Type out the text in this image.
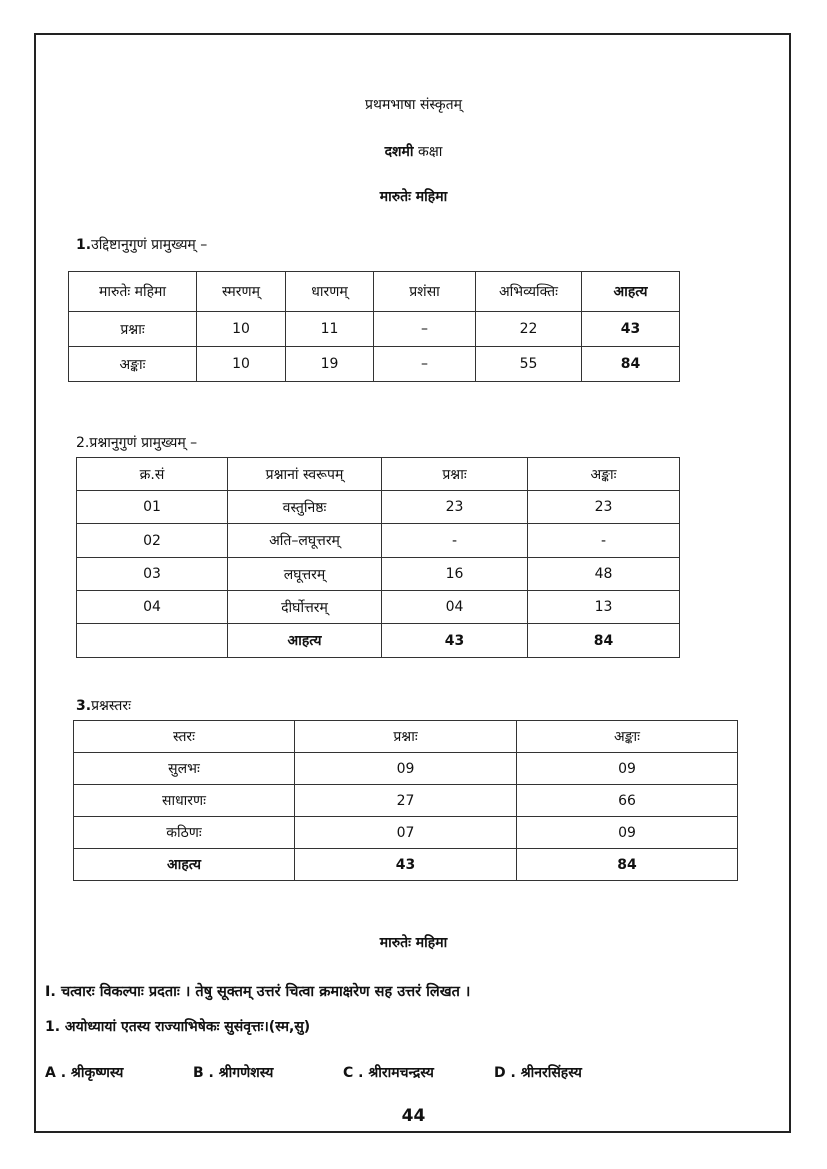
प्रथमभाषा संस्कृतम्
दशमी कक्षा
मारुतेः महिमा
1.उद्दिष्टानुगुणं प्रामुख्यम् –
मारुतेः महिमा	स्मरणम्	धारणम्	प्रशंसा	अभिव्यक्तिः	आहत्य
प्रश्नाः	10	11	–	22	43
अङ्काः	10	19	–	55	84
2.प्रश्नानुगुणं प्रामुख्यम् –
क्र.सं	प्रश्नानां स्वरूपम्	प्रश्नाः	अङ्काः
01	वस्तुनिष्ठः	23	23
02	अति–लघूत्तरम्	-	-
03	लघूत्तरम्	16	48
04	दीर्घोत्तरम्	04	13
	आहत्य	43	84
3.प्रश्नस्तरः
स्तरः	प्रश्नाः	अङ्काः
सुलभः	09	09
साधारणः	27	66
कठिणः	07	09
आहत्य	43	84
मारुतेः महिमा
I. चत्वारः विकल्पाः प्रदताः । तेषु सूक्तम् उत्तरं चित्वा क्रमाक्षरेण सह उत्तरं लिखत ।
1. अयोध्यायां एतस्य राज्याभिषेकः सुसंवृत्तः।(स्म,सु)
A . श्रीकृष्णस्य	B . श्रीगणेशस्य	C . श्रीरामचन्द्रस्य	D . श्रीनरसिंहस्य
44
